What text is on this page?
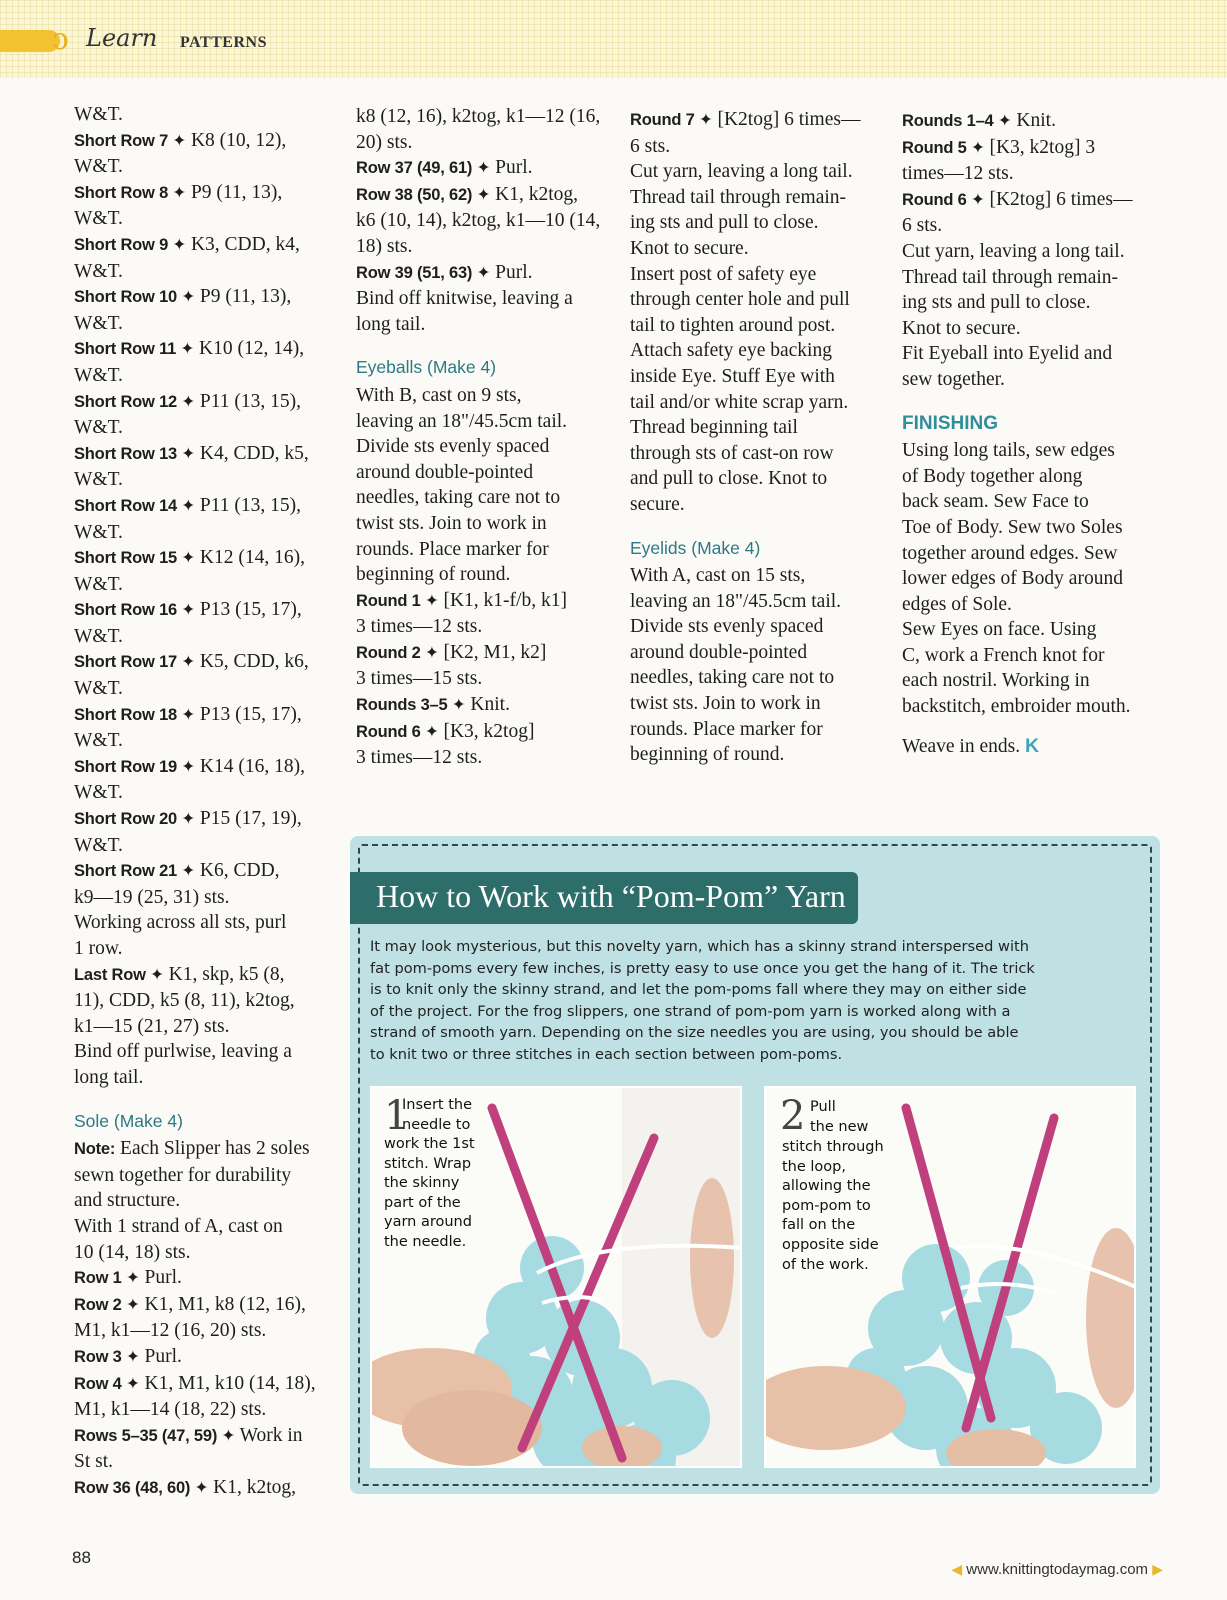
ↄ Learn PATTERNS
W&T.
Short Row 7 ✦ K8 (10, 12),
W&T.
Short Row 8 ✦ P9 (11, 13),
W&T.
Short Row 9 ✦ K3, CDD, k4,
W&T.
Short Row 10 ✦ P9 (11, 13),
W&T.
Short Row 11 ✦ K10 (12, 14),
W&T.
Short Row 12 ✦ P11 (13, 15),
W&T.
Short Row 13 ✦ K4, CDD, k5,
W&T.
Short Row 14 ✦ P11 (13, 15),
W&T.
Short Row 15 ✦ K12 (14, 16),
W&T.
Short Row 16 ✦ P13 (15, 17),
W&T.
Short Row 17 ✦ K5, CDD, k6,
W&T.
Short Row 18 ✦ P13 (15, 17),
W&T.
Short Row 19 ✦ K14 (16, 18),
W&T.
Short Row 20 ✦ P15 (17, 19),
W&T.
Short Row 21 ✦ K6, CDD,
k9—19 (25, 31) sts.
Working across all sts, purl
1 row.
Last Row ✦ K1, skp, k5 (8,
11), CDD, k5 (8, 11), k2tog,
k1—15 (21, 27) sts.
Bind off purlwise, leaving a
long tail.
Sole (Make 4)
Note: Each Slipper has 2 soles
sewn together for durability
and structure.
With 1 strand of A, cast on
10 (14, 18) sts.
Row 1 ✦ Purl.
Row 2 ✦ K1, M1, k8 (12, 16),
M1, k1—12 (16, 20) sts.
Row 3 ✦ Purl.
Row 4 ✦ K1, M1, k10 (14, 18),
M1, k1—14 (18, 22) sts.
Rows 5–35 (47, 59) ✦ Work in
St st.
Row 36 (48, 60) ✦ K1, k2tog,
k8 (12, 16), k2tog, k1—12 (16,
20) sts.
Row 37 (49, 61) ✦ Purl.
Row 38 (50, 62) ✦ K1, k2tog,
k6 (10, 14), k2tog, k1—10 (14,
18) sts.
Row 39 (51, 63) ✦ Purl.
Bind off knitwise, leaving a
long tail.
Eyeballs (Make 4)
With B, cast on 9 sts,
leaving an 18"/45.5cm tail.
Divide sts evenly spaced
around double-pointed
needles, taking care not to
twist sts. Join to work in
rounds. Place marker for
beginning of round.
Round 1 ✦ [K1, k1-f/b, k1]
3 times—12 sts.
Round 2 ✦ [K2, M1, k2]
3 times—15 sts.
Rounds 3–5 ✦ Knit.
Round 6 ✦ [K3, k2tog]
3 times—12 sts.
Round 7 ✦ [K2tog] 6 times—
6 sts.
Cut yarn, leaving a long tail.
Thread tail through remain-
ing sts and pull to close.
Knot to secure.
Insert post of safety eye
through center hole and pull
tail to tighten around post.
Attach safety eye backing
inside Eye. Stuff Eye with
tail and/or white scrap yarn.
Thread beginning tail
through sts of cast-on row
and pull to close. Knot to
secure.
Eyelids (Make 4)
With A, cast on 15 sts,
leaving an 18"/45.5cm tail.
Divide sts evenly spaced
around double-pointed
needles, taking care not to
twist sts. Join to work in
rounds. Place marker for
beginning of round.
Rounds 1–4 ✦ Knit.
Round 5 ✦ [K3, k2tog] 3
times—12 sts.
Round 6 ✦ [K2tog] 6 times—
6 sts.
Cut yarn, leaving a long tail.
Thread tail through remain-
ing sts and pull to close.
Knot to secure.
Fit Eyeball into Eyelid and
sew together.
FINISHING
Using long tails, sew edges
of Body together along
back seam. Sew Face to
Toe of Body. Sew two Soles
together around edges. Sew
lower edges of Body around
edges of Sole.
Sew Eyes on face. Using
C, work a French knot for
each nostril. Working in
backstitch, embroider mouth.
Weave in ends. K
How to Work with “Pom-Pom” Yarn
It may look mysterious, but this novelty yarn, which has a skinny strand interspersed with
fat pom-poms every few inches, is pretty easy to use once you get the hang of it. The trick
is to knit only the skinny strand, and let the pom-poms fall where they may on either side
of the project. For the frog slippers, one strand of pom-pom yarn is worked along with a
strand of smooth yarn. Depending on the size needles you are using, you should be able
to knit two or three stitches in each section between pom-poms.
1
Insert the
needle to
work the 1st
stitch. Wrap
the skinny
part of the
yarn around
the needle.
2 Pull
the new
stitch through
the loop,
allowing the
pom-pom to
fall on the
opposite side
of the work.
88
◀ www.knittingtodaymag.com ▶
